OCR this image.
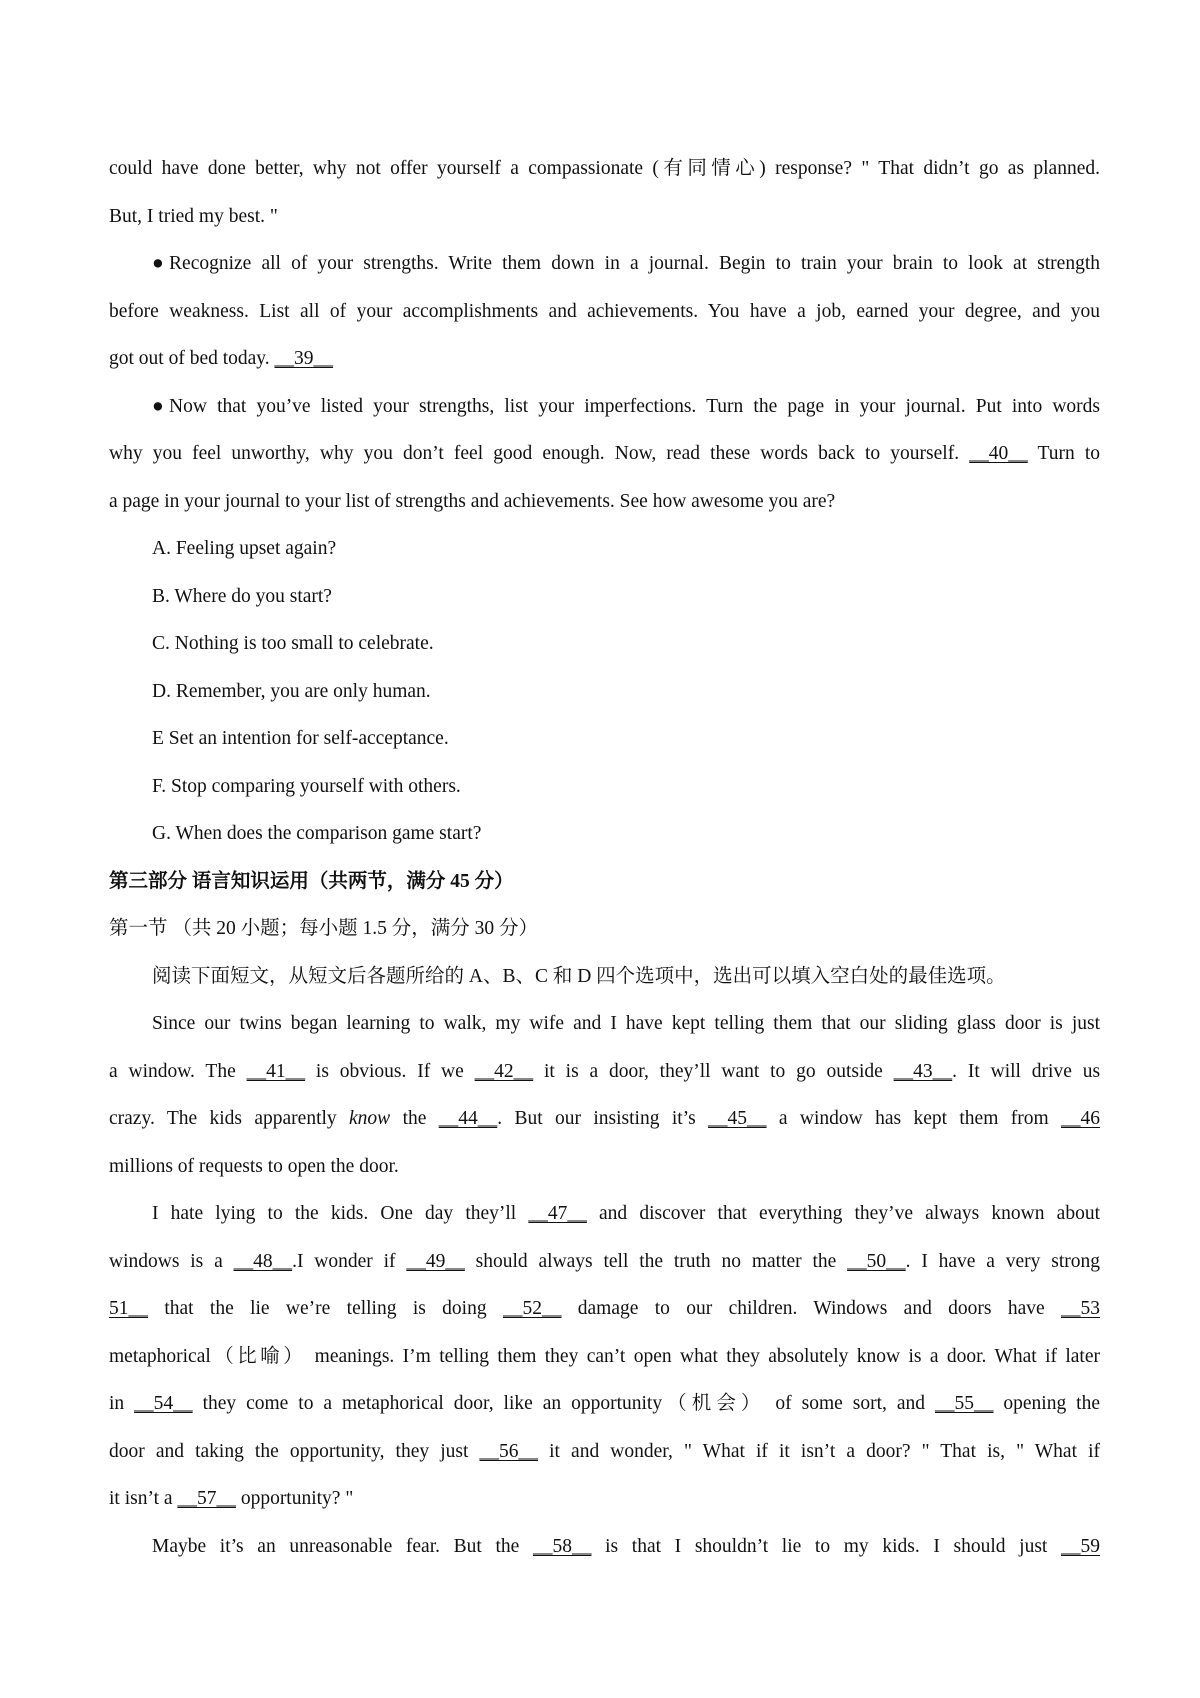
could have done better, why not offer yourself a compassionate (有同情心) response? " That didn’t go as planned.
But, I tried my best. "
●Recognize all of your strengths. Write them down in a journal. Begin to train your brain to look at strength
before weakness. List all of your accomplishments and achievements. You have a job, earned your degree, and you
got out of bed today. __39__
●Now that you’ve listed your strengths, list your imperfections. Turn the page in your journal. Put into words
why you feel unworthy, why you don’t feel good enough. Now, read these words back to yourself. __40__ Turn to
a page in your journal to your list of strengths and achievements. See how awesome you are?
A. Feeling upset again?
B. Where do you start?
C. Nothing is too small to celebrate.
D. Remember, you are only human.
E Set an intention for self-acceptance.
F. Stop comparing yourself with others.
G. When does the comparison game start?
第三部分 语言知识运用（共两节，满分 45 分）
第一节 （共 20 小题；每小题 1.5 分，满分 30 分）
阅读下面短文，从短文后各题所给的 A、B、C 和 D 四个选项中，选出可以填入空白处的最佳选项。
Since our twins began learning to walk, my wife and I have kept telling them that our sliding glass door is just
a window. The __41__ is obvious. If we __42__ it is a door, they’ll want to go outside __43__. It will drive us
crazy. The kids apparently know the __44__. But our insisting it’s __45__ a window has kept them from __46
millions of requests to open the door.
I hate lying to the kids. One day they’ll __47__ and discover that everything they’ve always known about
windows is a __48__.I wonder if __49__ should always tell the truth no matter the __50__. I have a very strong
51__ that the lie we’re telling is doing __52__ damage to our children. Windows and doors have __53
metaphorical（比喻） meanings. I’m telling them they can’t open what they absolutely know is a door. What if later
in __54__ they come to a metaphorical door, like an opportunity（机会） of some sort, and __55__ opening the
door and taking the opportunity, they just __56__ it and wonder, " What if it isn’t a door? " That is, " What if
it isn’t a __57__ opportunity? "
Maybe it’s an unreasonable fear. But the __58__ is that I shouldn’t lie to my kids. I should just __59
